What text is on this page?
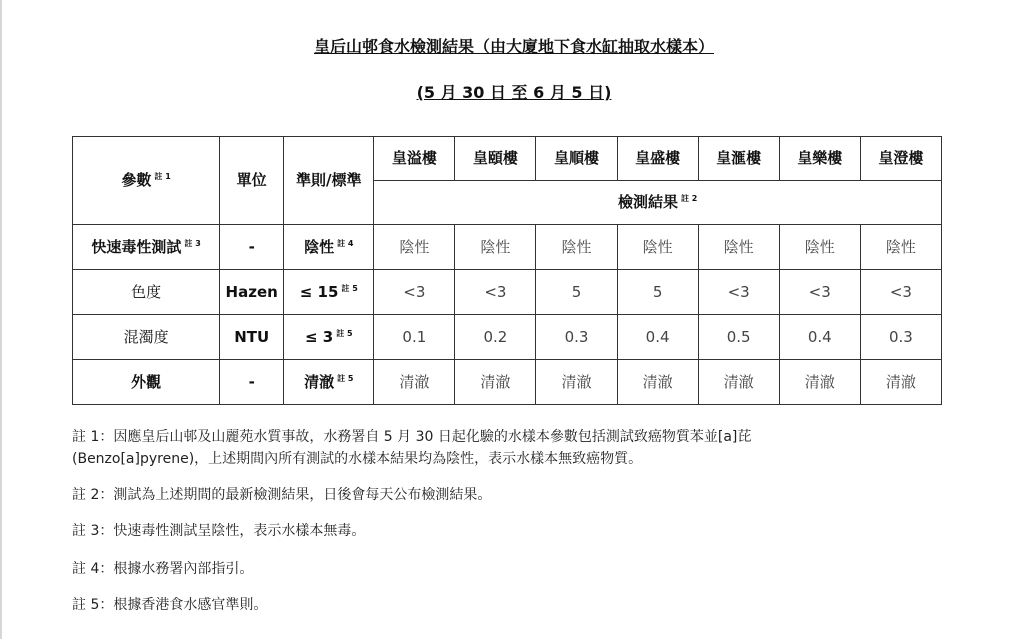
皇后山邨食水檢測結果（由大廈地下食水缸抽取水樣本）
(5 月 30 日 至 6 月 5 日)
參數 $^{註 1}$	單位	準則/標準	皇溢樓	皇頤樓	皇順樓	皇盛樓	皇滙樓	皇樂樓	皇澄樓
			檢測結果 $^{註 2}$
快速毒性測試 $^{註 3}$	-	陰性 $^{註 4}$	陰性	陰性	陰性	陰性	陰性	陰性	陰性
色度	Hazen	≤ 15 $^{註 5}$	<3	<3	5	5	<3	<3	<3
混濁度	NTU	≤ 3 $^{註 5}$	0.1	0.2	0.3	0.4	0.5	0.4	0.3
外觀	-	清澈 $^{註 5}$	清澈	清澈	清澈	清澈	清澈	清澈	清澈
註 1：因應皇后山邨及山麗苑水質事故，水務署自 5 月 30 日起化驗的水樣本參數包括測試致癌物質苯並[a]芘
(Benzo[a]pyrene)，上述期間內所有測試的水樣本結果均為陰性，表示水樣本無致癌物質。
註 2：測試為上述期間的最新檢測結果，日後會每天公布檢測結果。
註 3：快速毒性測試呈陰性，表示水樣本無毒。
註 4：根據水務署內部指引。
註 5：根據香港食水感官準則。
